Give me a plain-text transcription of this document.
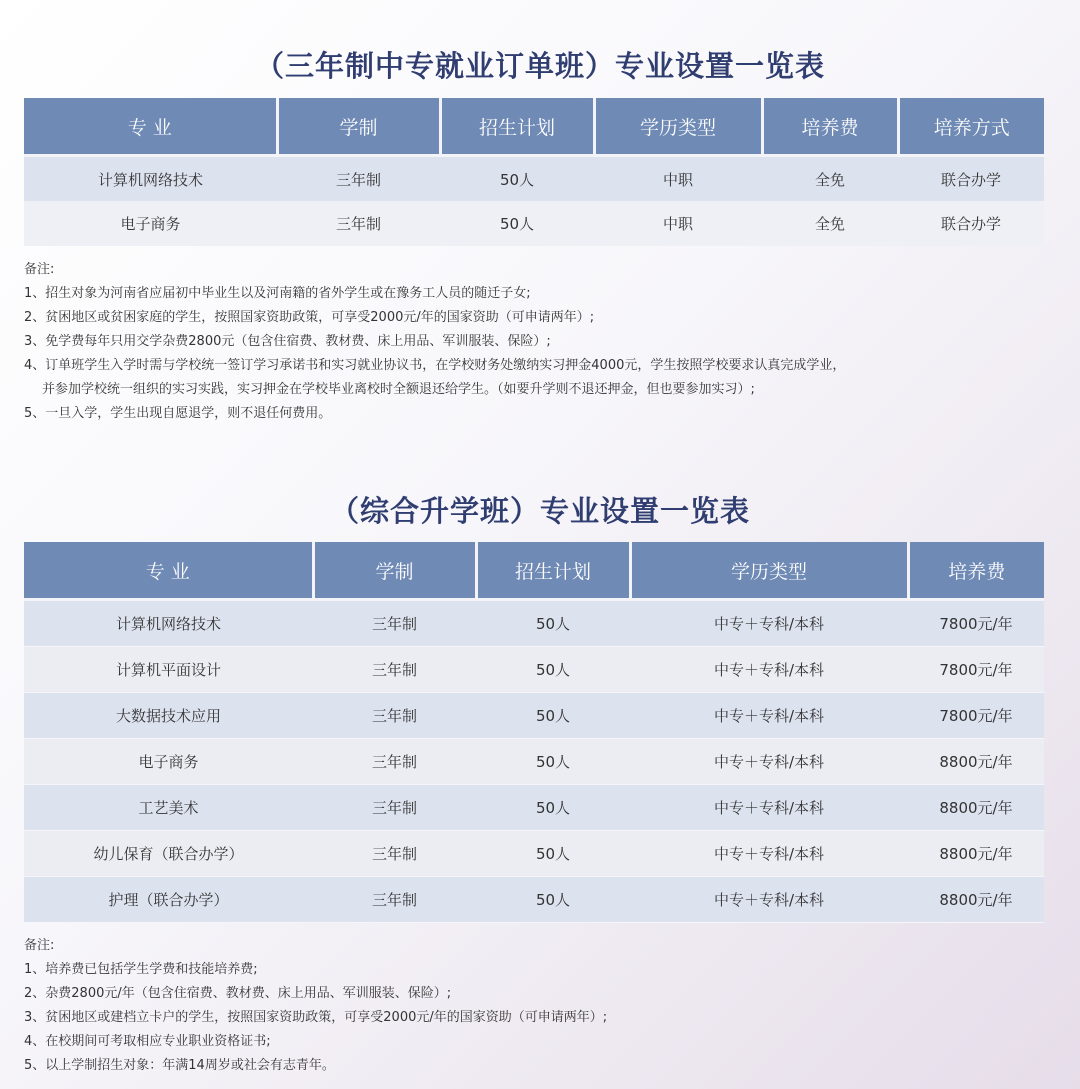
（三年制中专就业订单班）专业设置一览表
专 业	学制	招生计划	学历类型	培养费	培养方式
计算机网络技术	三年制	50人	中职	全免	联合办学
电子商务	三年制	50人	中职	全免	联合办学
备注:
1、招生对象为河南省应届初中毕业生以及河南籍的省外学生或在豫务工人员的随迁子女;
2、贫困地区或贫困家庭的学生，按照国家资助政策，可享受2000元/年的国家资助（可申请两年）;
3、免学费每年只用交学杂费2800元（包含住宿费、教材费、床上用品、军训服装、保险）;
4、订单班学生入学时需与学校统一签订学习承诺书和实习就业协议书，在学校财务处缴纳实习押金4000元，学生按照学校要求认真完成学业，
并参加学校统一组织的实习实践，实习押金在学校毕业离校时全额退还给学生。（如要升学则不退还押金，但也要参加实习）;
5、一旦入学，学生出现自愿退学，则不退任何费用。
（综合升学班）专业设置一览表
专 业	学制	招生计划	学历类型	培养费
计算机网络技术	三年制	50人	中专＋专科/本科	7800元/年
计算机平面设计	三年制	50人	中专＋专科/本科	7800元/年
大数据技术应用	三年制	50人	中专＋专科/本科	7800元/年
电子商务	三年制	50人	中专＋专科/本科	8800元/年
工艺美术	三年制	50人	中专＋专科/本科	8800元/年
幼儿保育（联合办学）	三年制	50人	中专＋专科/本科	8800元/年
护理（联合办学）	三年制	50人	中专＋专科/本科	8800元/年
备注:
1、培养费已包括学生学费和技能培养费;
2、杂费2800元/年（包含住宿费、教材费、床上用品、军训服装、保险）;
3、贫困地区或建档立卡户的学生，按照国家资助政策，可享受2000元/年的国家资助（可申请两年）;
4、在校期间可考取相应专业职业资格证书;
5、以上学制招生对象：年满14周岁或社会有志青年。
